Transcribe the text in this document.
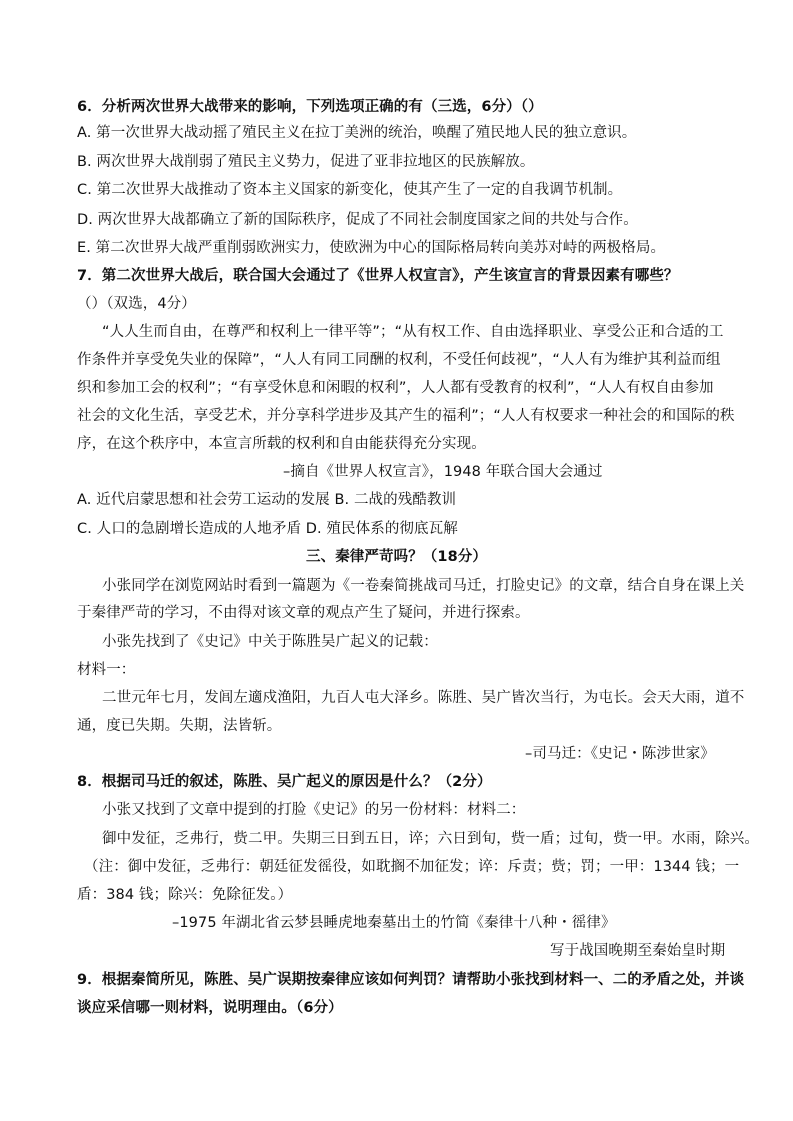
6．分析两次世界大战带来的影响，下列选项正确的有（三选，6分）（）
A. 第一次世界大战动摇了殖民主义在拉丁美洲的统治，唤醒了殖民地人民的独立意识。
B. 两次世界大战削弱了殖民主义势力，促进了亚非拉地区的民族解放。
C. 第二次世界大战推动了资本主义国家的新变化，使其产生了一定的自我调节机制。
D. 两次世界大战都确立了新的国际秩序，促成了不同社会制度国家之间的共处与合作。
E. 第二次世界大战严重削弱欧洲实力，使欧洲为中心的国际格局转向美苏对峙的两极格局。
7．第二次世界大战后，联合国大会通过了《世界人权宣言》，产生该宣言的背景因素有哪些？
（）（双选，4分）
“人人生而自由，在尊严和权利上一律平等”；“从有权工作、自由选择职业、享受公正和合适的工
作条件并享受免失业的保障”，“人人有同工同酬的权利，不受任何歧视”，“人人有为维护其利益而组
织和参加工会的权利”；“有享受休息和闲暇的权利”，人人都有受教育的权利”，“人人有权自由参加
社会的文化生活，享受艺术，并分享科学进步及其产生的福利”；“人人有权要求一种社会的和国际的秩
序，在这个秩序中，本宣言所载的权利和自由能获得充分实现。
–摘自《世界人权宣言》，1948 年联合国大会通过
A. 近代启蒙思想和社会劳工运动的发展 B. 二战的残酷教训
C. 人口的急剧增长造成的人地矛盾 D. 殖民体系的彻底瓦解
三、秦律严苛吗？（18分）
小张同学在浏览网站时看到一篇题为《一卷秦简挑战司马迁，打脸史记》的文章，结合自身在课上关
于秦律严苛的学习，不由得对该文章的观点产生了疑问，并进行探索。
小张先找到了《史记》中关于陈胜吴广起义的记载：
材料一：
二世元年七月，发闾左適戍渔阳，九百人屯大泽乡。陈胜、吴广皆次当行，为屯长。会天大雨，道不
通，度已失期。失期，法皆斩。
–司马迁：《史记・陈涉世家》
8．根据司马迁的叙述，陈胜、吴广起义的原因是什么？（2分）
小张又找到了文章中提到的打脸《史记》的另一份材料：材料二：
御中发征，乏弗行，赀二甲。失期三日到五日，谇；六日到旬，赀一盾；过旬，赀一甲。水雨，除兴。
（注：御中发征，乏弗行：朝廷征发徭役，如耽搁不加征发；谇：斥责；赀；罚；一甲：1344 钱；一
盾：384 钱；除兴：免除征发。）
–1975 年湖北省云梦县睡虎地秦墓出土的竹简《秦律十八种・徭律》
写于战国晚期至秦始皇时期
9．根据秦简所见，陈胜、吴广误期按秦律应该如何判罚？请帮助小张找到材料一、二的矛盾之处，并谈
谈应采信哪一则材料，说明理由。（6分）
